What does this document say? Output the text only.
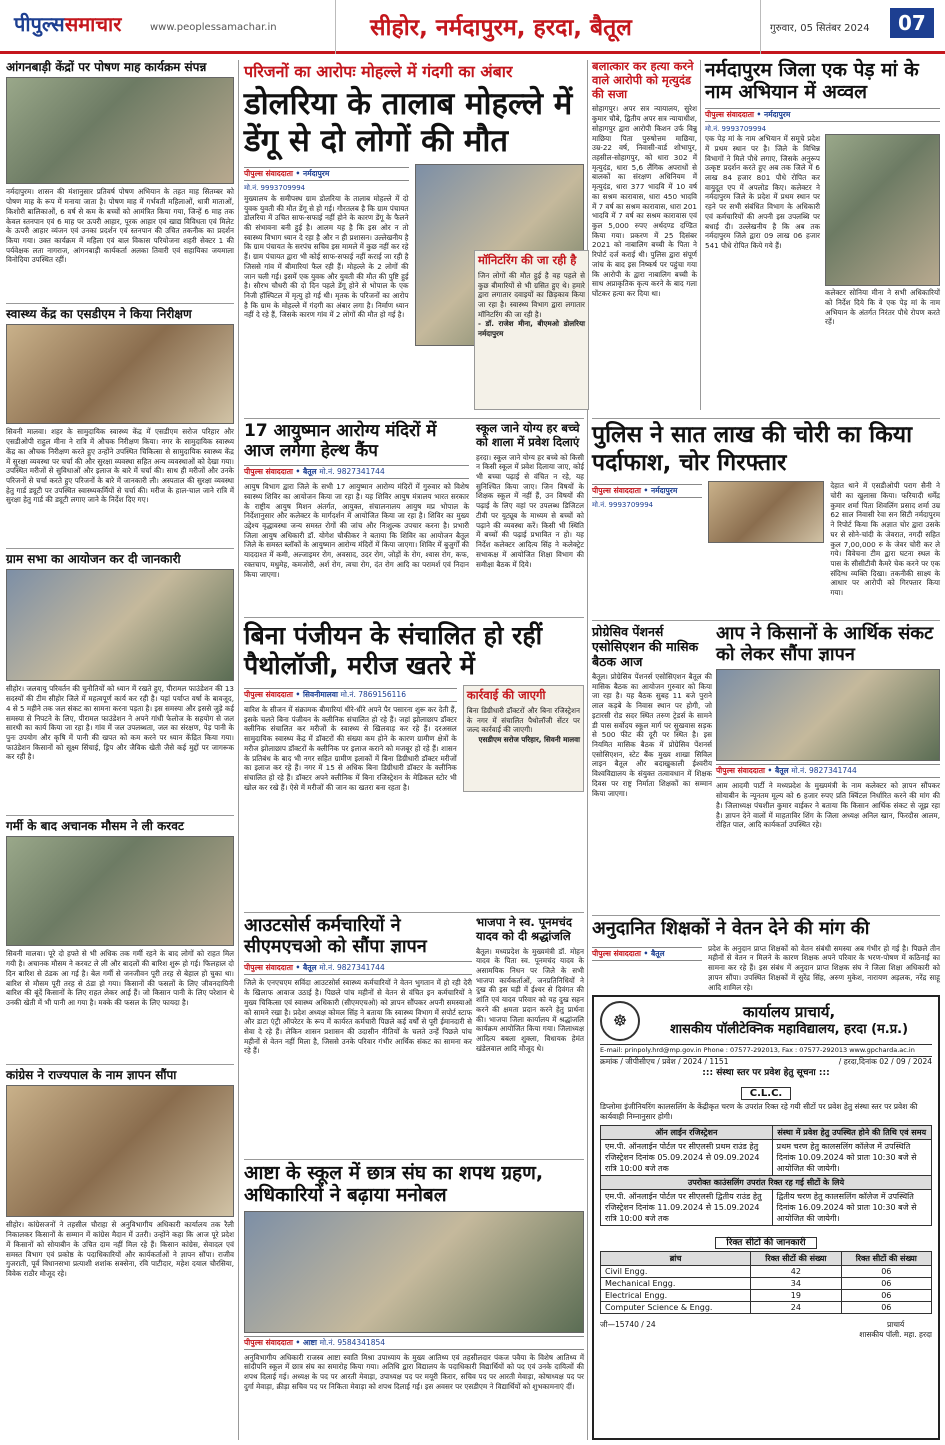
पीपुल्ससमाचार	www.peoplessamachar.in	सीहोर, नर्मदापुरम, हरदा, बैतूल	गुरुवार, 05 सितंबर 2024	07
आंगनबाड़ी केंद्रों पर पोषण माह कार्यक्रम संपन्न
नर्मदापुरम। शासन की मंशानुसार प्रतिवर्ष पोषण अभियान के तहत माह सितम्बर को पोषण माह के रूप में मनाया जाता है। पोषण माह में गर्भवती महिलाओं, धात्री माताओं, किशोरी बालिकाओं, 6 वर्ष से कम के बच्चों को आमंत्रित किया गया, जिन्हें 6 माह तक केवल स्तनपान एवं 6 माह पर ऊपरी आहार, पूरक आहार एवं खाद्य विविधता एवं मिलेट के ऊपरी आहार व्यंजन एवं उनका प्रदर्शन एवं स्तनपान की उचित तकनीक का प्रदर्शन किया गया। उक्त कार्यक्रम में महिला एवं बाल विकास परियोजना शहरी सेक्टर 1 की पर्यवेक्षक लता नागराज, आंगनबाड़ी कार्यकर्ता अलका तिवारी एवं सहायिका जयमाला विनोदिया उपस्थित रहीं।
स्वास्थ्य केंद्र का एसडीएम ने किया निरीक्षण
सिवनी मालवा। शहर के सामुदायिक स्वास्थ्य केंद्र में एसडीएम सरोज परिहार और एसडीओपी राहुल मीना ने रात्रि में औचक निरीक्षण किया। नगर के सामुदायिक स्वास्थ्य केंद्र का औचक निरीक्षण करते हुए उन्होंने उपस्थित चिकित्सा से सामुदायिक स्वास्थ्य केंद्र में सुरक्षा व्यवस्था पर चर्चा की और सुरक्षा व्यवस्था सहित अन्य व्यवस्थाओं को देखा गया। उपस्थित मरीजों से सुविधाओं और इलाज के बारे में चर्चा की। साथ ही मरीजों और उनके परिजनों से चर्चा करते हुए परिजनों के बारे में जानकारी ली। अस्पताल की सुरक्षा व्यवस्था हेतु गार्ड ड्यूटी पर उपस्थित स्वास्थ्यकर्मियों से चर्चा की। मरीज के हाल-चाल जाने रात्रि में सुरक्षा हेतु गार्ड की ड्यूटी लगाए जाने के निर्देश दिए गए।
ग्राम सभा का आयोजन कर दी जानकारी
सीहोर। जलवायु परिवर्तन की चुनौतियों को ध्यान में रखते हुए, पीरामल फाउंडेशन की 13 सदस्यों की टीम सीहोर जिले में महत्वपूर्ण कार्य कर रही है। यहां पर्याप्त वर्षा के बावजूद, 4 से 5 महीने तक जल संकट का सामना करना पड़ता है। इस समस्या और इससे जुड़े कई समस्या से निपटने के लिए, पीरामल फाउंडेशन ने अपने गांधी फेलोज के सहयोग से जल सारथी का कार्य किया जा रहा है। गांव में जल उपलब्धता, जल का संरक्षण, पेड़ पानी के पुनः उपयोग और कृषि में पानी की खपत को कम करने पर ध्यान केंद्रित किया गया। फाउंडेशन किसानों को सूक्ष्म सिंचाई, ड्रिप और जैविक खेती जैसे कई मुद्दों पर जागरूक कर रही है।
गर्मी के बाद अचानक मौसम ने ली करवट
सिवनी मालवा। पूरे दो हफ्ते से भी अधिक तक गर्मी रहने के बाद लोगों को राहत मिल गयी है। अचानक मौसम ने करवट ले ली और बादलों की बारिश शुरू हो गई। फिलहाल दो दिन बारिश से ठंडक आ गई है। बेल गर्मी से जनजीवन पूरी तरह से बेहाल हो चुका था। बारिश से मौसम पूरी तरह से ठंडा हो गया। किसानों की फसलों के लिए जीवनदायिनी बारिश की बूंदें किसानों के लिए राहत लेकर आई हैं। जो किसान पानी के लिए परेशान थे उनकी खेती में भी पानी आ गया है। मक्के की फसल के लिए फायदा है।
कांग्रेस ने राज्यपाल के नाम ज्ञापन सौंपा
सीहोर। कांग्रेसजनों ने तहसील चौराहा से अनुविभागीय अधिकारी कार्यालय तक रैली निकालकर किसानों के सम्मान में कांग्रेस मैदान में उतरी। उन्होंने कहा कि आज पूरे प्रदेश में किसानों को सोयाबीन के उचित दाम नहीं मिल रहे हैं। किसान कांग्रेस, सेवादल एवं समस्त विभाग एवं प्रकोष्ठ के पदाधिकारियों और कार्यकर्ताओं ने ज्ञापन सौंपा। राजीव गुजराती, पूर्व विधानसभा प्रत्याशी शशांक सक्सेना, रवि पाटीदार, महेश दयाल चौरसिया, विवेक राठौर मौजूद रहे।
परिजनों का आरोपः मोहल्ले में गंदगी का अंबार
डोलरिया के तालाब मोहल्ले में डेंगू से दो लोगों की मौत
पीपुल्स संवाददाता • नर्मदापुरम
मो.नं. 9993709994
मुख्यालय के समीपस्थ ग्राम डोलरिया के तालाब मोहल्ले में दो युवक युवती की मौत डेंगू से हो गई। गौरतलब है कि ग्राम पंचायत डोलरिया में उचित साफ-सफाई नहीं होने के कारण डेंगू के फैलने की संभावना बनी हुई है। आलम यह है कि इस ओर न तो स्वास्थ्य विभाग ध्यान दे रहा है और न ही प्रशासन। उल्लेखनीय है कि ग्राम पंचायत के सरपंच सचिव इस मामले में कुछ नहीं कर रहे हैं। ग्राम पंचायत द्वारा भी कोई साफ-सफाई नहीं कराई जा रही है जिससे गांव में बीमारियां फैल रही हैं। मोहल्ले के 2 लोगों की जान चली गई। इसमें एक युवक और युवती की मौत की पुष्टि हुई है। सौरभ चौधरी की दो दिन पहले डेंगू होने से भोपाल के एक निजी हॉस्पिटल में मृत्यु हो गई थी। मृतक के परिजनों का आरोप है कि ग्राम के मोहल्ले में गंदगी का अंबार लगा है। निर्माण ध्यान नहीं दे रहे हैं, जिसके कारण गांव में 2 लोगों की मौत हो गई है।
17 आयुष्मान आरोग्य मंदिरों में आज लगेगा हेल्थ कैंप
पीपुल्स संवाददाता • बैतूल मो.नं. 9827341744
आयुष विभाग द्वारा जिले के सभी 17 आयुष्मान आरोग्य मंदिरों में गुरुवार को विशेष स्वास्थ्य शिविर का आयोजन किया जा रहा है। यह शिविर आयुष मंत्रालय भारत सरकार के राष्ट्रीय आयुष मिशन अंतर्गत, आयुक्त, संचालनालय आयुष मप्र भोपाल के निर्देशानुसार और कलेक्टर के मार्गदर्शन में आयोजित किया जा रहा है। शिविर का मुख्य उद्देश्य वृद्धावस्था जन्य समस्त रोगों की जांच और निःशुल्क उपचार करना है। प्रभारी जिला आयुष अधिकारी डॉ. योगेश चौकीकर ने बताया कि शिविर का आयोजन बैतूल जिले के समस्त ब्लॉकों के आयुष्मान आरोग्य मंदिरों में किया जाएगा। शिविर में बुजुर्गों की याददाश्त में कमी, अल्जाइमर रोग, अवसाद, उदर रोग, जोड़ों के रोग, श्वास रोग, कफ, रक्तचाप, मधुमेह, कमजोरी, अर्श रोग, त्वचा रोग, दंत रोग आदि का परामर्श एवं निदान किया जाएगा।
बिना पंजीयन के संचालित हो रहीं पैथोलॉजी, मरीज खतरे में
पीपुल्स संवाददाता • सिवनीमालवा मो.नं. 7869156116
बारिश के सीजन में संक्रामक बीमारियां धीरे-धीरे अपने पैर पसारना शुरू कर देती हैं, इसके चलते बिना पंजीयन के क्लीनिक संचालित हो रहे हैं। जहां झोलाछाप डॉक्टर क्लीनिक संचालित कर मरीजों के स्वास्थ्य से खिलवाड़ कर रहे हैं। दरअसल सामुदायिक स्वास्थ्य केंद्र में डॉक्टरों की संख्या कम होने के कारण ग्रामीण क्षेत्रों के मरीज झोलाछाप डॉक्टरों के क्लीनिक पर इलाज कराने को मजबूर हो रहे हैं। शासन के प्रतिबंध के बाद भी नगर सहित ग्रामीण इलाकों में बिना डिग्रीधारी डॉक्टर मरीजों का इलाज कर रहे हैं। नगर में 15 से अधिक बिना डिग्रीधारी डॉक्टर के क्लीनिक संचालित हो रहे हैं। डॉक्टर अपने क्लीनिक में बिना रजिस्ट्रेशन के मेडिकल स्टोर भी खोल कर रखे हैं। ऐसे में मरीजों की जान का खतरा बना रहता है।
कार्रवाई की जाएगी
बिना डिग्रीधारी डॉक्टरों और बिना रजिस्ट्रेशन के नगर में संचालित पैथोलॉजी सेंटर पर जल्द कार्रवाई की जाएगी।
एसडीएम सरोज परिहार, सिवनी मालवा
आउटसोर्स कर्मचारियों ने सीएमएचओ को सौंपा ज्ञापन
पीपुल्स संवाददाता • बैतूल मो.नं. 9827341744
जिले के एनएचएम सविंदा आउटसोर्स स्वास्थ्य कर्मचारियों ने वेतन भुगतान में हो रही देरी के खिलाफ आवाज उठाई है। पिछले पांच महीनों से वेतन से वंचित इन कर्मचारियों ने मुख्य चिकित्सा एवं स्वास्थ्य अधिकारी (सीएमएचओ) को ज्ञापन सौंपकर अपनी समस्याओं को सामने रखा है। प्रदेश अध्यक्ष कोमल सिंह ने बताया कि स्वास्थ्य विभाग में सपोर्ट स्टाफ और डाटा एंट्री ऑपरेटर के रूप में कार्यरत कर्मचारी पिछले कई वर्षों से पूरी ईमानदारी से सेवा दे रहे हैं। लेकिन शासन प्रशासन की उदासीन नीतियों के चलते उन्हें पिछले पांच महीनों से वेतन नहीं मिला है, जिससे उनके परिवार गंभीर आर्थिक संकट का सामना कर रहे हैं।
आष्टा के स्कूल में छात्र संघ का शपथ ग्रहण, अधिकारियों ने बढ़ाया मनोबल
पीपुल्स संवाददाता • आष्टा मो.नं. 9584341854
अनुविभागीय अधिकारी राजस्व आष्टा स्वाति मिश्रा उपाध्याय के मुख्य आतिथ्य एवं तहसीलदार पंकज पवैया के विशेष आतिथ्य में सांदीपनि स्कूल में छात्र संघ का समारोह किया गया। अतिथि द्वारा विद्यालय के पदाधिकारी विद्यार्थियों को पद एवं उनके दायित्वों की शपथ दिलाई गई। अध्यक्ष के पद पर आरती मेवाड़ा, उपाध्यक्ष पद पर मयूरी किरार, सचिव पद पर आरती मेवाड़ा, कोषाध्यक्ष पद पर दुर्गा मेवाड़ा, क्रीड़ा सचिव पद पर निकिता मेवाड़ा को शपथ दिलाई गई। इस अवसर पर एसडीएम ने विद्यार्थियों को शुभकामनाएं दीं।
स्कूल जाने योग्य हर बच्चे को शाला में प्रवेश दिलाएं
हरदा। स्कूल जाने योग्य हर बच्चे को किसी न किसी स्कूल में प्रवेश दिलाया जाए, कोई भी बच्चा पढ़ाई से वंचित न रहे, यह सुनिश्चित किया जाए। जिन विषयों के शिक्षक स्कूल में नहीं हैं, उन विषयों की पढ़ाई के लिए वहां पर उपलब्ध डिजिटल टीवी पर यूट्यूब के माध्यम से बच्चों को पढ़ाने की व्यवस्था करें। किसी भी स्थिति में बच्चों की पढ़ाई प्रभावित न हो। यह निर्देश कलेक्टर आदित्य सिंह ने कलेक्ट्रेट सभाकक्ष में आयोजित शिक्षा विभाग की समीक्षा बैठक में दिये।
भाजपा ने स्व. पूनमचंद यादव को दी श्रद्धांजलि
बैतूल। मध्यप्रदेश के मुख्यमंत्री डॉ. मोहन यादव के पिता स्व. पूनमचंद यादव के असामयिक निधन पर जिले के सभी भाजपा कार्यकर्ताओं, जनप्रतिनिधियों ने दुख की इस घड़ी में ईश्वर से दिवंगत की शांति एवं यादव परिवार को यह दुख सहन करने की क्षमता प्रदान करने हेतु प्रार्थना की। भाजपा जिला कार्यालय में श्रद्धांजलि कार्यक्रम आयोजित किया गया। जिलाध्यक्ष आदित्य बबला शुक्ला, विधायक हेमंत खंडेलवाल आदि मौजूद थे।
बलात्कार कर हत्या करने वाले आरोपी को मृत्युदंड की सजा
सोहागपुर। अपर सत्र न्यायालय, सुरेश कुमार चौबे, द्वितीय अपर सत्र न्यायाधीश, सोहागपुर द्वारा आरोपी किशन उर्फ विन्नु माछिया पिता पुरुषोत्तम माछिया, उम्र-22 वर्ष, निवासी-वार्ड शोभापुर, तहसील-सोहागपुर, को धारा 302 में मृत्युदंड, धारा 5,6 लैंगिक अपराधों से बालकों का संरक्षण अधिनियम में मृत्युदंड, धारा 377 भादवि में 10 वर्ष का सश्रम कारावास, धारा 450 भादवि में 7 वर्ष का सश्रम कारावास, धारा 201 भादवि में 7 वर्ष का सश्रम कारावास एवं कुल 5,000 रुपए अर्थदण्ड दण्डित किया गया। प्रकरण में 25 दिसंबर 2021 को नाबालिग बच्ची के पिता ने रिपोर्ट दर्ज कराई थी। पुलिस द्वारा संपूर्ण जांच के बाद इस निष्कर्ष पर पहुंचा गया कि आरोपी के द्वारा नाबालिग बच्ची के साथ अप्राकृतिक कृत्य करने के बाद गला घोंटकर हत्या कर दिया था।
मॉनिटरिंग की जा रही है
जिन लोगों की मौत हुई है वह पहले से कुछ बीमारियों से भी ग्रसित हुए थे। हमारे द्वारा लगातार दवाइयों का छिड़काव किया जा रहा है। स्वास्थ्य विभाग द्वारा लगातार मॉनिटरिंग की जा रही है।
- डॉ. राजेश मीना, बीएमओ डोलरिया नर्मदापुरम
नर्मदापुरम जिला एक पेड़ मां के नाम अभियान में अव्वल
पीपुल्स संवाददाता • नर्मदापुरम
मो.नं. 9993709994
एक पेड़ मां के नाम अभियान में समूचे प्रदेश में प्रथम स्थान पर है। जिले के विभिन्न विभागों ने मिले पौधे लगाए, जिसके अनुरूप उत्कृष्ट प्रदर्शन करते हुए अब तक जिले में 6 लाख 84 हजार 801 पौधे रोपित कर वायुदूत एप में अपलोड किए। कलेक्टर ने नर्मदापुरम जिले के प्रदेश में प्रथम स्थान पर रहने पर सभी संबंधित विभाग के अधिकारी एवं कर्मचारियों की अपनी इस उपलब्धि पर बधाई दी। उल्लेखनीय है कि अब तक नर्मदापुरम जिले द्वारा 09 लाख 06 हजार 541 पौधे रोपित किये गये हैं।
कलेक्टर सोनिया मीना ने सभी अधिकारियों को निर्देश दिये कि वे एक पेड़ मां के नाम अभियान के अंतर्गत निरंतर पौधे रोपण करते रहें।
पुलिस ने सात लाख की चोरी का किया पर्दाफाश, चोर गिरफ्तार
पीपुल्स संवाददाता • नर्मदापुरम
मो.नं. 9993709994
देहात थाने में एसडीओपी पराग सैनी ने चोरी का खुलासा किया। फरियादी धर्मेंद्र कुमार शर्मा पिता शिवलिंग प्रसाद शर्मा उम्र 62 साल निवासी रेवा सन सिटी नर्मदापुरम ने रिपोर्ट किया कि अज्ञात चोर द्वारा उसके घर से सोने-चांदी के जेवरात, नगदी सहित कुल 7,00,000 रु के जेवर चोरी कर ले गये। विवेचना टीम द्वारा घटना स्थल के पास के सीसीटीवी कैमरे चेक करने पर एक संदिग्ध व्यक्ति दिखा। तकनीकी साक्ष्य के आधार पर आरोपी को गिरफ्तार किया गया।
प्रोग्रेसिव पेंशनर्स एसोसिएशन की मासिक बैठक आज
बैतूल। प्रोग्रेसिव पेंशनर्स एसोसिएशन बैतूल की मासिक बैठक का आयोजन गुरुवार को किया जा रहा है। यह बैठक सुबह 11 बजे पुराने लाल कड़बे के निवास स्थान पर होगी, जो इटारसी रोड सदर स्थित तरुण ट्रेडर्स के सामने डी पास सर्वोदय स्कूल मार्ग पर सुखवास सड़क से 500 फीट की दूरी पर स्थित है। इस नियमित मासिक बैठक में प्रोग्रेसिव पेंशनर्स एसोसिएशन, स्टेट बैंक मुख्य शाखा सिविल लाइन बैतूल और बदाखुकाली ईश्वरीय विश्वविद्यालय के संयुक्त तत्वावधान में शिक्षक दिवस पर राष्ट्र निर्माता शिक्षकों का सम्मान किया जाएगा।
आप ने किसानों के आर्थिक संकट को लेकर सौंपा ज्ञापन
पीपुल्स संवाददाता • बैतूल मो.नं. 9827341744
आम आदमी पार्टी ने मध्यप्रदेश के मुख्यमंत्री के नाम कलेक्टर को ज्ञापन सौंपकर सोयाबीन के न्यूनतम मूल्य को 6 हजार रुपए प्रति क्विंटल निर्धारित करने की मांग की है। जिलाध्यक्ष पंचशील कुमार वाईकर ने बताया कि किसान आर्थिक संकट से जूझ रहा है। ज्ञापन देने वालों में माहताविर शिंग के जिला अध्यक्ष अनिल खान, फिरदौस आलम, रोहित पाल, आदि कार्यकर्ता उपस्थित रहे।
अनुदानित शिक्षकों ने वेतन देने की मांग की
पीपुल्स संवाददाता • बैतूल
प्रदेश के अनुदान प्राप्त शिक्षकों को वेतन संबंधी समस्या अब गंभीर हो गई है। पिछले तीन महीनों से वेतन न मिलने के कारण शिक्षक अपने परिवार के भरण-पोषण में कठिनाई का सामना कर रहे हैं। इस संबंध में अनुदान प्राप्त शिक्षक संघ ने जिला शिक्षा अधिकारी को ज्ञापन सौंपा। उपस्थित शिक्षकों में सुरेंद्र सिंह, अरुण मुकेश, नारायण अड़लक, नरेंद्र साहू आदि शामिल रहे।
☸	कार्यालय प्राचार्य,
शासकीय पॉलीटेक्निक महाविद्यालय, हरदा (म.प्र.)
E-mail: prinpoly.hrd@mp.gov.in Phone : 07577-292013, Fax : 07577-292013 www.gpcharda.ac.in
क्रमांक / जीपीसीएच / प्रवेश / 2024 / 1151	/ हरदा,दिनांक 02 / 09 / 2024
::: संस्था स्तर पर प्रवेश हेतु सूचना :::
C.L.C.
डिप्लोमा इंजीनियरिंग कालसलिंग के केंद्रीकृत चरण के उपरांत रिक्त रहे गयी सीटों पर प्रवेश हेतु संस्था स्तर पर प्रवेश की कार्यवाही निम्नानुसार होगी।
ऑन लाईन रजिस्ट्रेशन	संस्था में प्रवेश हेतु उपस्थित होने की तिथि एवं समय
एम.पी. ऑनलाईन पोर्टल पर सीएलसी प्रथम राउंड हेतु रजिस्ट्रेशन दिनांक 05.09.2024 से 09.09.2024 रात्रि 10:00 बजे तक	प्रथम चरण हेतु कालसलिंग कॉलेज में उपस्थिति दिनांक 10.09.2024 को प्रातः 10:30 बजे से आयोजित की जायेगी।
उपरोक्त काउंसलिंग उपरांत रिक्त रह गई सीटों के लिये	
एम.पी. ऑनलाईन पोर्टल पर सीएलसी द्वितीय राउंड हेतु रजिस्ट्रेशन दिनांक 11.09.2024 से 15.09.2024 रात्रि 10:00 बजे तक	द्वितीय चरण हेतु कालसलिंग कॉलेज में उपस्थिति दिनांक 16.09.2024 को प्रातः 10:30 बजे से आयोजित की जायेगी।
रिक्त सीटों की जानकारी
ब्रांच	रिक्त सीटों की संख्या	रिक्त सीटों की संख्या
Civil Engg.	42	06
Mechanical Engg.	34	06
Electrical Engg.	19	06
Computer Science & Engg.	24	06
जी—15740 / 24	प्राचार्य
शासकीय पॉली. महा. हरदा
